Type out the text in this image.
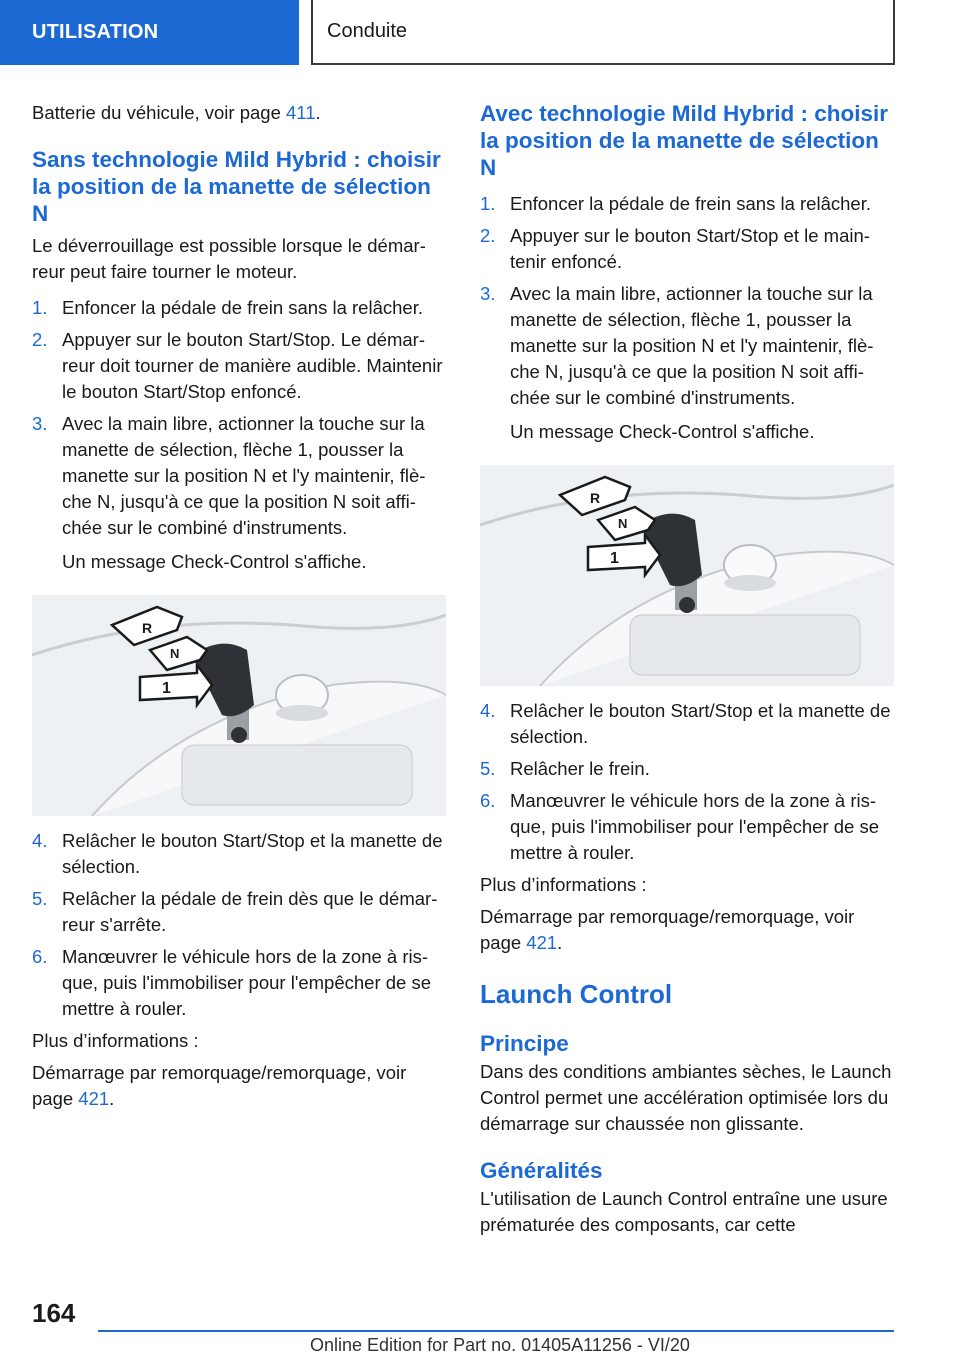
UTILISATION	Conduite

Batterie du véhicule, voir page 411.

Sans technologie Mild Hybrid : choisir la position de la manette de sélection N

Le déverrouillage est possible lorsque le démarreur peut faire tourner le moteur.

1. Enfoncer la pédale de frein sans la relâcher.
2. Appuyer sur le bouton Start/Stop. Le démarreur doit tourner de manière audible. Maintenir le bouton Start/Stop enfoncé.
3. Avec la main libre, actionner la touche sur la manette de sélection, flèche 1, pousser la manette sur la position N et l'y maintenir, flèche N, jusqu'à ce que la position N soit affichée sur le combiné d'instruments.
Un message Check-Control s'affiche.
R
N
1
4. Relâcher le bouton Start/Stop et la manette de sélection.
5. Relâcher la pédale de frein dès que le démarreur s'arrête.
6. Manœuvrer le véhicule hors de la zone à risque, puis l'immobiliser pour l'empêcher de se mettre à rouler.

Plus d’informations :

Démarrage par remorquage/remorquage, voir page 421.

Avec technologie Mild Hybrid : choisir la position de la manette de sélection N
1. Enfoncer la pédale de frein sans la relâcher.
2. Appuyer sur le bouton Start/Stop et le maintenir enfoncé.
3. Avec la main libre, actionner la touche sur la manette de sélection, flèche 1, pousser la manette sur la position N et l'y maintenir, flèche N, jusqu'à ce que la position N soit affichée sur le combiné d'instruments.
Un message Check-Control s'affiche.
R
N
1
4. Relâcher le bouton Start/Stop et la manette de sélection.
5. Relâcher le frein.
6. Manœuvrer le véhicule hors de la zone à risque, puis l'immobiliser pour l'empêcher de se mettre à rouler.

Plus d’informations :

Démarrage par remorquage/remorquage, voir page 421.

Launch Control
Principe

Dans des conditions ambiantes sèches, le Launch Control permet une accélération optimisée lors du démarrage sur chaussée non glissante.

Généralités

L'utilisation de Launch Control entraîne une usure prématurée des composants, car cette

164
Online Edition for Part no. 01405A11256 - VI/20
